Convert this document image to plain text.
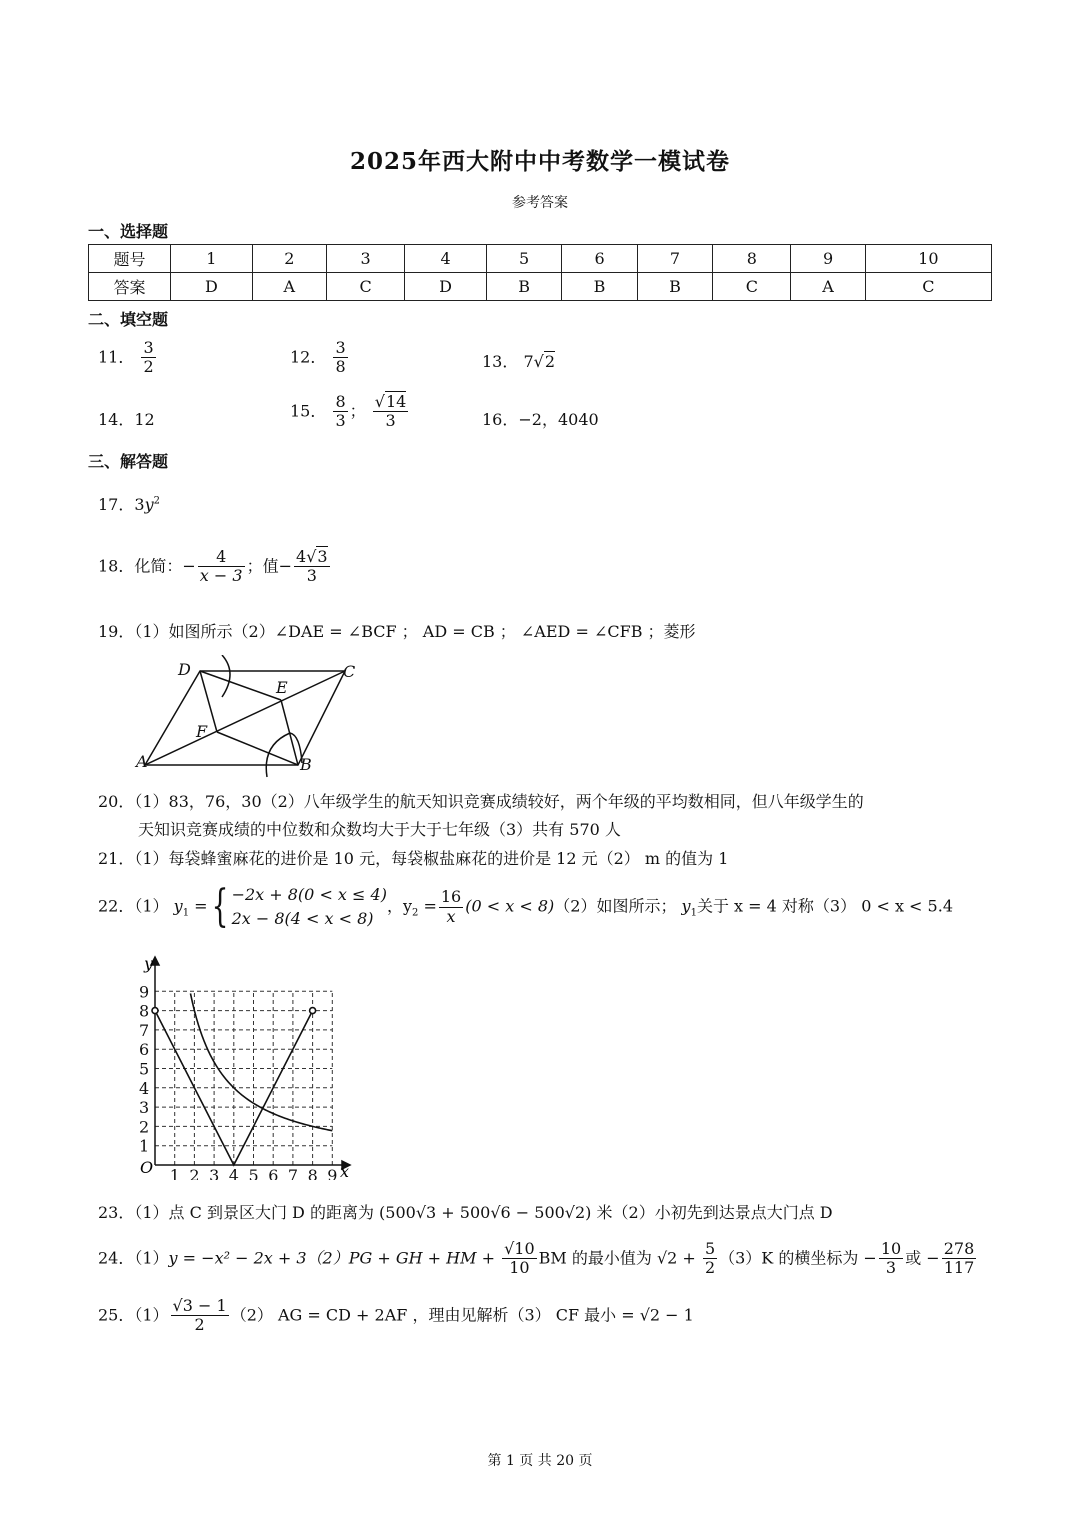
2025年西大附中中考数学一模试卷
参考答案
一、选择题
题号	1	2	3	4	5	6	7	8	9	10
答案	D	A	C	D	B	B	B	C	A	C
二、填空题
11． $\frac{3}{2}$	12． $\frac{3}{8}$	13． 7√2
14．12	15． $\frac{8}{3}$ ； $\frac{√14}{3}$	16．−2，4040
三、解答题
17．$3y^2$
18．化简：− $\frac{4}{x - 3}$ ；值− $\frac{4√3}{3}$
19．（1）如图所示（2）∠DAE = ∠BCF ； AD = CB ； ∠AED = ∠CFB ；菱形
D	C
E
F
A	B
20．（1）83，76，30（2）八年级学生的航天知识竞赛成绩较好，两个年级的平均数相同，但八年级学生的
天知识竞赛成绩的中位数和众数均大于大于七年级（3）共有 570 人
21．（1）每袋蜂蜜麻花的进价是 10 元，每袋椒盐麻花的进价是 12 元（2） m 的值为 1
22．（1） $y_1$ ={ −2x + 8(0 < x ≤ 4)
2x − 8(4 < x < 8)
，$y_2 = \frac{16}{x} (0 < x < 8)(2)$如图所示； $y_1$关于 x = 4 对称（3） 0 < x < 5.4
1 2 3 4 5 6 7 8 9
1
2
3
4
5
6
7
8
9
O	x
y
23．（1）点 C 到景区大门 D 的距离为 (500√3 + 500√6 − 500√2) 米（2）小初先到达景点大门点 D
24．（1）y = −x² − 2x + 3（2）PG + GH + HM + $\frac{√10}{10}$ BM 的最小值为 $√2 + \frac{5}{2} (3)K$ 的横坐标为 − $\frac{10}{3}$ 或 − $\frac{278}{117}$
25．$(1) \frac{√3 - 1}{2} (2)$ AG = CD + 2AF ，理由见解析（3） CF 最小 = √2 − 1
第 1 页 共 20 页
